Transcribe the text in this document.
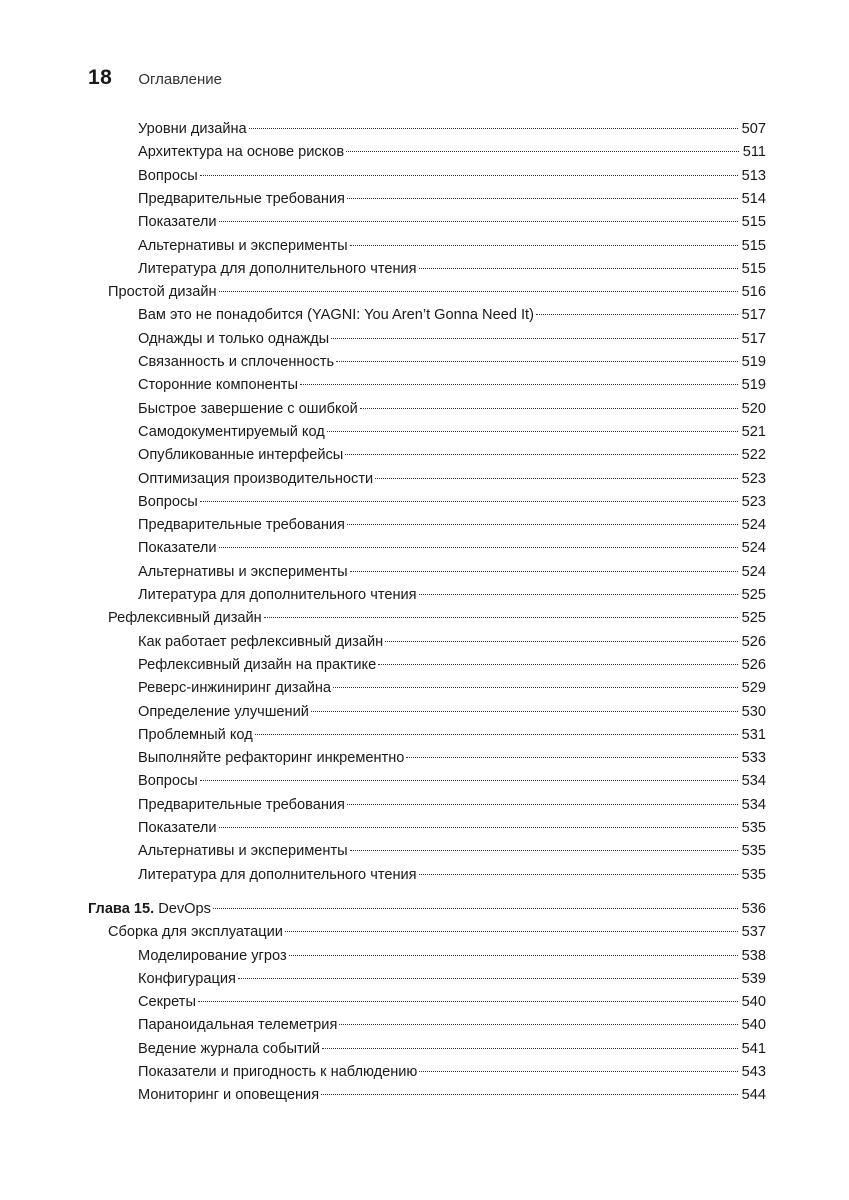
18 Оглавление
Уровни дизайна	507
Архитектура на основе рисков	511
Вопросы	513
Предварительные требования	514
Показатели	515
Альтернативы и эксперименты	515
Литература для дополнительного чтения	515
Простой дизайн	516
Вам это не понадобится (YAGNI: You Aren’t Gonna Need It)	517
Однажды и только однажды	517
Связанность и сплоченность	519
Сторонние компоненты	519
Быстрое завершение с ошибкой	520
Самодокументируемый код	521
Опубликованные интерфейсы	522
Оптимизация производительности	523
Вопросы	523
Предварительные требования	524
Показатели	524
Альтернативы и эксперименты	524
Литература для дополнительного чтения	525
Рефлексивный дизайн	525
Как работает рефлексивный дизайн	526
Рефлексивный дизайн на практике	526
Реверс-инжиниринг дизайна	529
Определение улучшений	530
Проблемный код	531
Выполняйте рефакторинг инкрементно	533
Вопросы	534
Предварительные требования	534
Показатели	535
Альтернативы и эксперименты	535
Литература для дополнительного чтения	535
Глава 15. DevOps	536
Сборка для эксплуатации	537
Моделирование угроз	538
Конфигурация	539
Секреты	540
Параноидальная телеметрия	540
Ведение журнала событий	541
Показатели и пригодность к наблюдению	543
Мониторинг и оповещения	544
